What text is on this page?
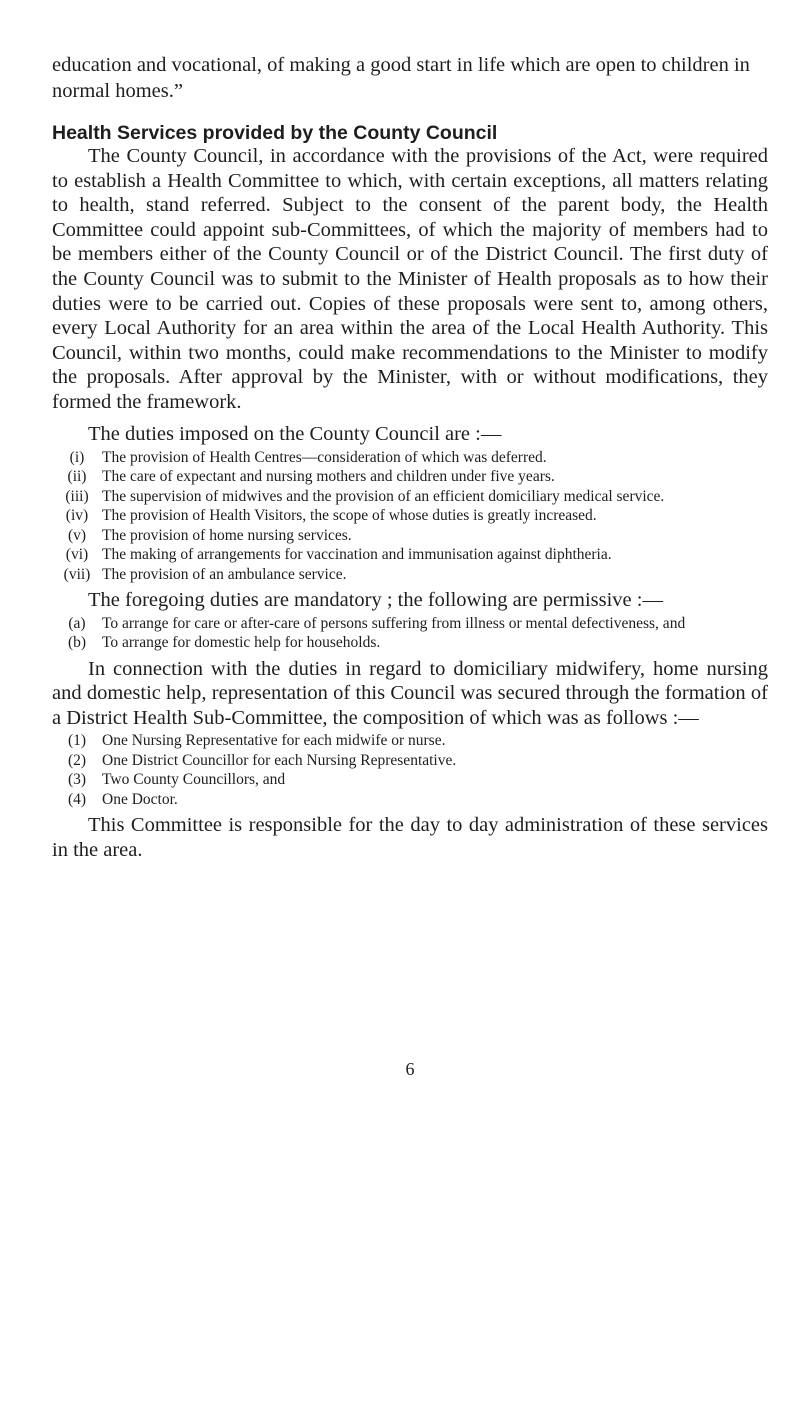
education and vocational, of making a good start in life which are open to children in normal homes.”

Health Services provided by the County Council

The County Council, in accordance with the provisions of the Act, were required to establish a Health Committee to which, with certain exceptions, all matters relating to health, stand referred. Subject to the consent of the parent body, the Health Committee could appoint sub-Committees, of which the majority of members had to be members either of the County Council or of the District Council. The first duty of the County Council was to submit to the Minister of Health proposals as to how their duties were to be carried out. Copies of these proposals were sent to, among others, every Local Authority for an area within the area of the Local Health Authority. This Council, within two months, could make recommendations to the Minister to modify the proposals. After approval by the Minister, with or without modifications, they formed the framework.

The duties imposed on the County Council are :—

(i)	The provision of Health Centres—consideration of which was deferred.
(ii)	The care of expectant and nursing mothers and children under five years.
(iii) The supervision of midwives and the provision of an efficient domiciliary medical service.
(iv) The provision of Health Visitors, the scope of whose duties is greatly increased.
(v)	The provision of home nursing services.
(vi) The making of arrangements for vaccination and immunisation against diphtheria.
(vii) The provision of an ambulance service.

The foregoing duties are mandatory ; the following are permissive :—

(a)	To arrange for care or after-care of persons suffering from illness or mental defectiveness, and
(b)	To arrange for domestic help for households.

In connection with the duties in regard to domiciliary midwifery, home nursing and domestic help, representation of this Council was secured through the formation of a District Health Sub-Committee, the composition of which was as follows :—

(1)	One Nursing Representative for each midwife or nurse.
(2)	One District Councillor for each Nursing Representative.
(3)	Two County Councillors, and
(4)	One Doctor.

This Committee is responsible for the day to day administration of these services in the area.

6
